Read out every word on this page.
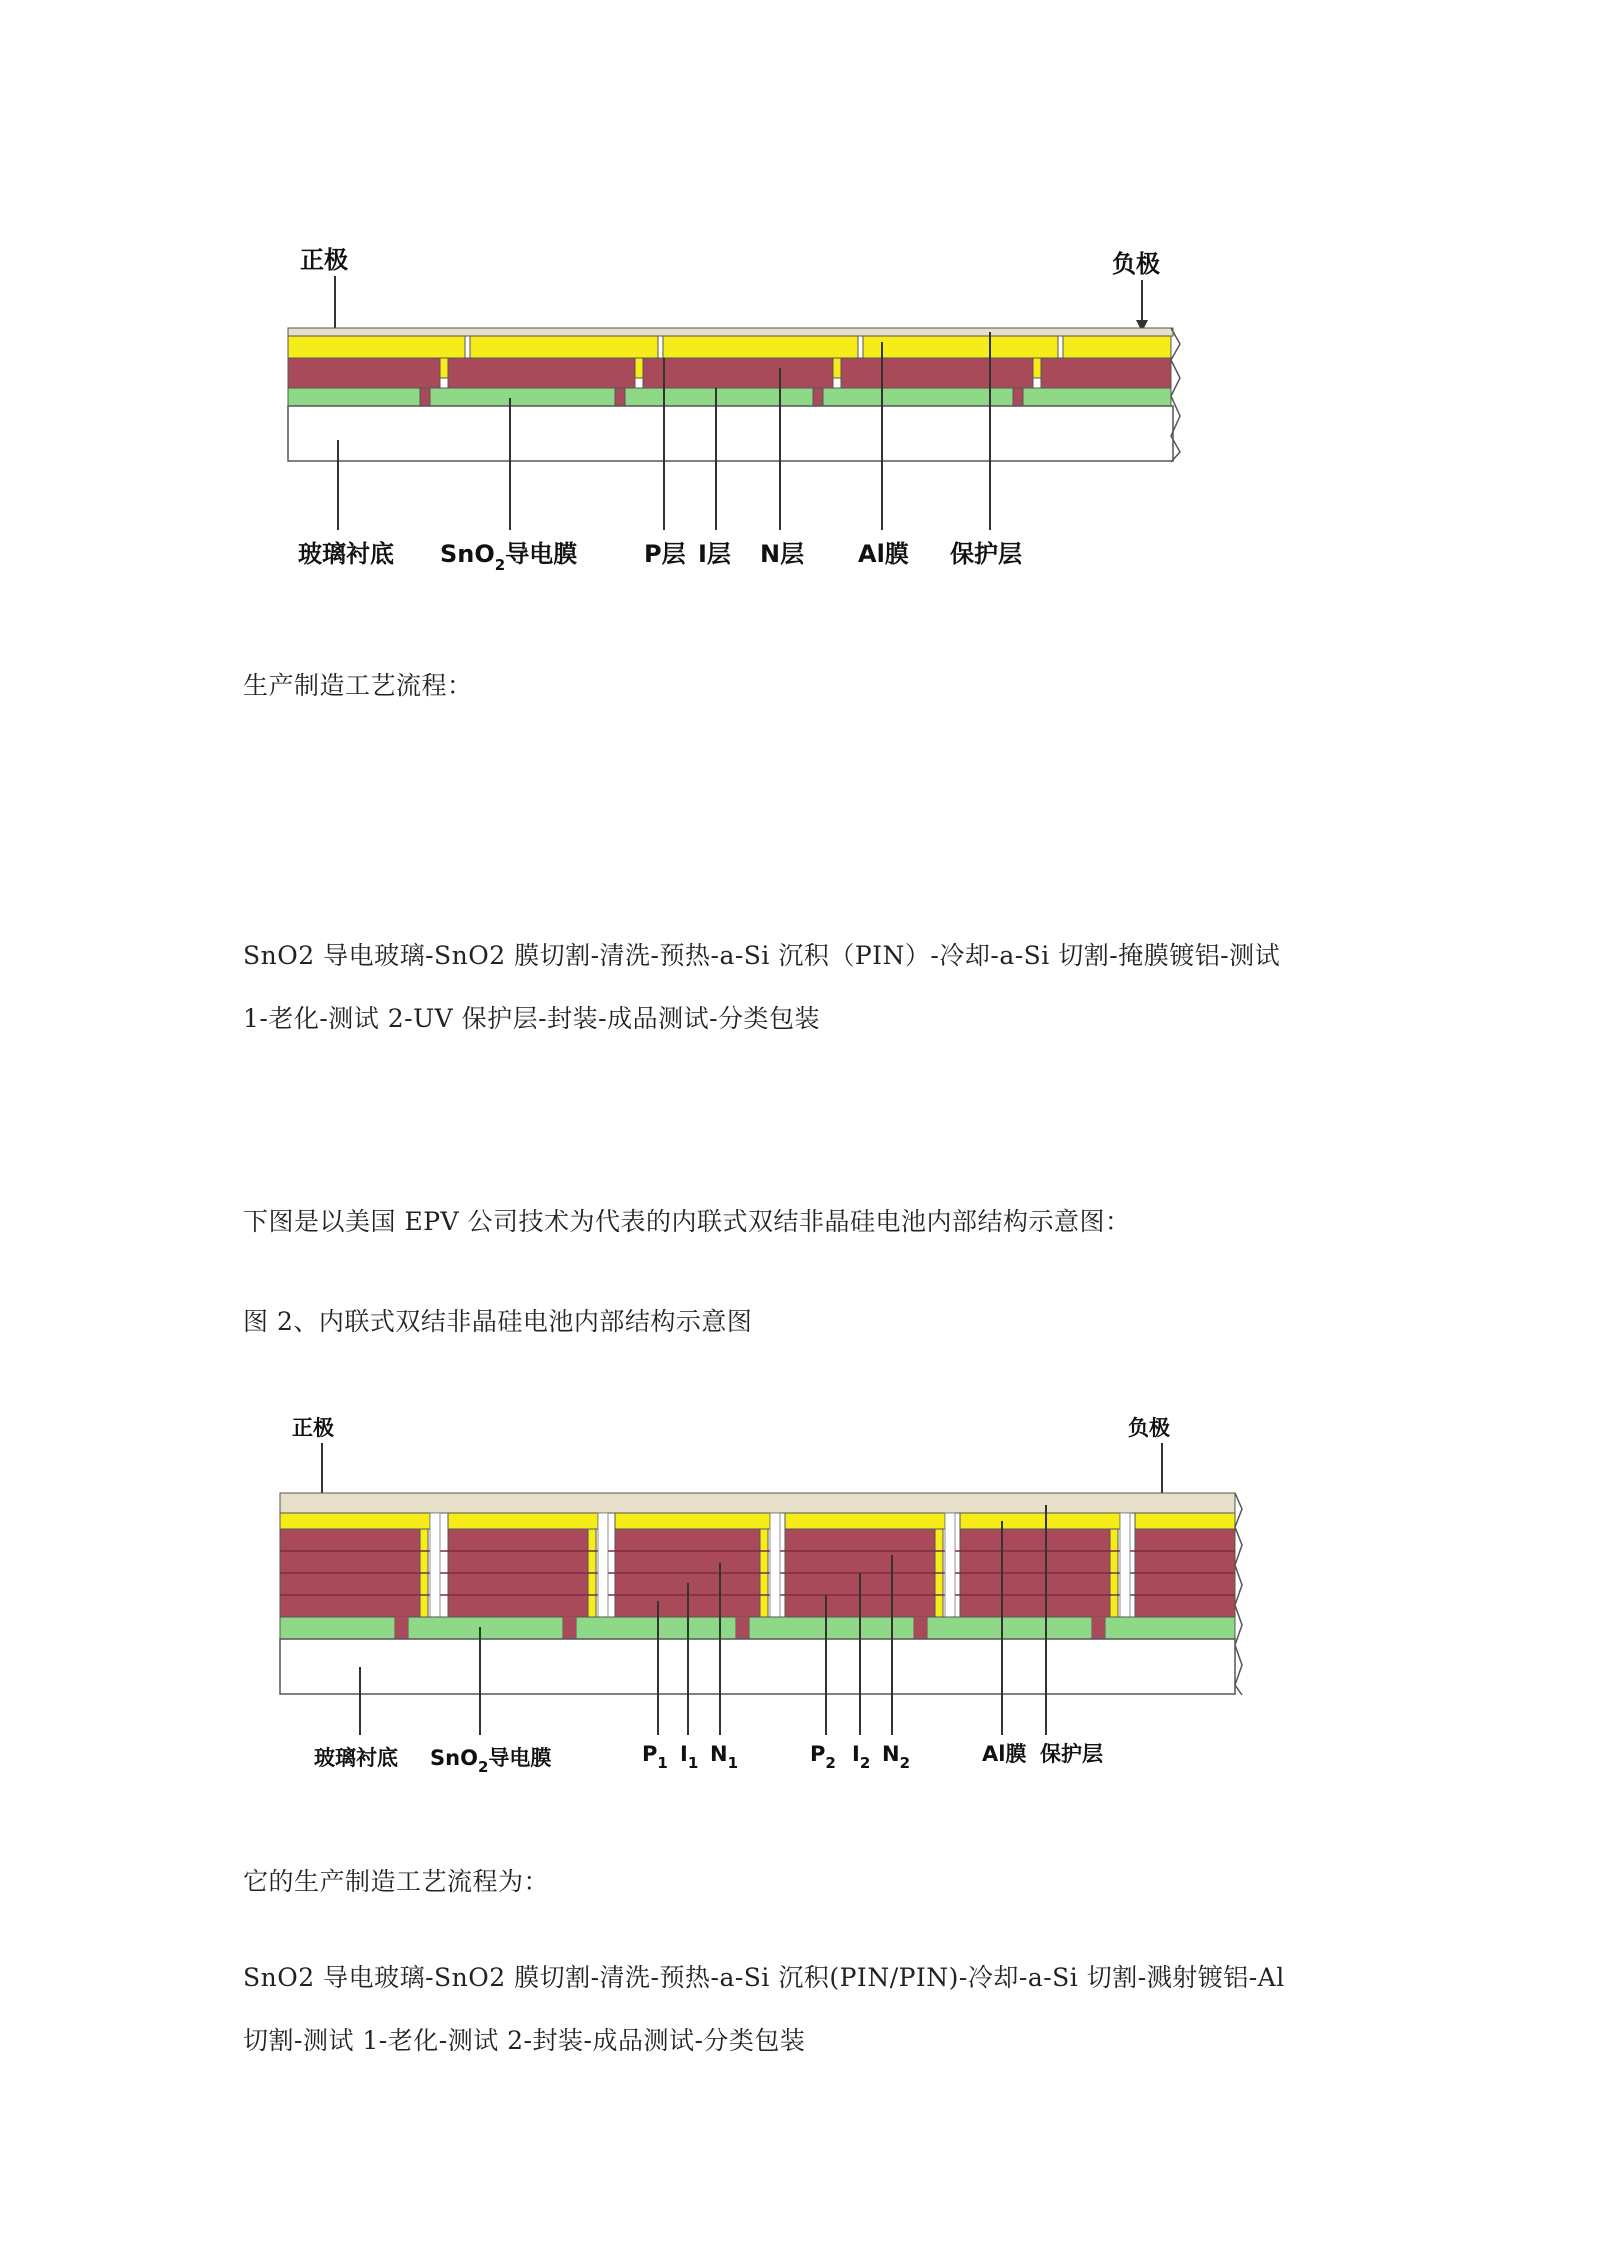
正极	负极
玻璃衬底 SnO$_2$导电膜	P层 I层 N层 Al膜 保护层
生产制造工艺流程：
SnO2 导电玻璃-SnO2 膜切割-清洗-预热-a-Si 沉积（PIN）-冷却-a-Si 切割-掩膜镀铝-测试
1-老化-测试 2-UV 保护层-封装-成品测试-分类包装
下图是以美国 EPV 公司技术为代表的内联式双结非晶硅电池内部结构示意图：
图 2、内联式双结非晶硅电池内部结构示意图
正极	负极
玻璃衬底 SnO$_2$导电膜	$P_1$ $I_1$ $N_1$	$P_2$ $I_2$ $N_2$	Al膜 保护层
它的生产制造工艺流程为：
SnO2 导电玻璃-SnO2 膜切割-清洗-预热-a-Si 沉积(PIN/PIN)-冷却-a-Si 切割-溅射镀铝-Al
切割-测试 1-老化-测试 2-封装-成品测试-分类包装
